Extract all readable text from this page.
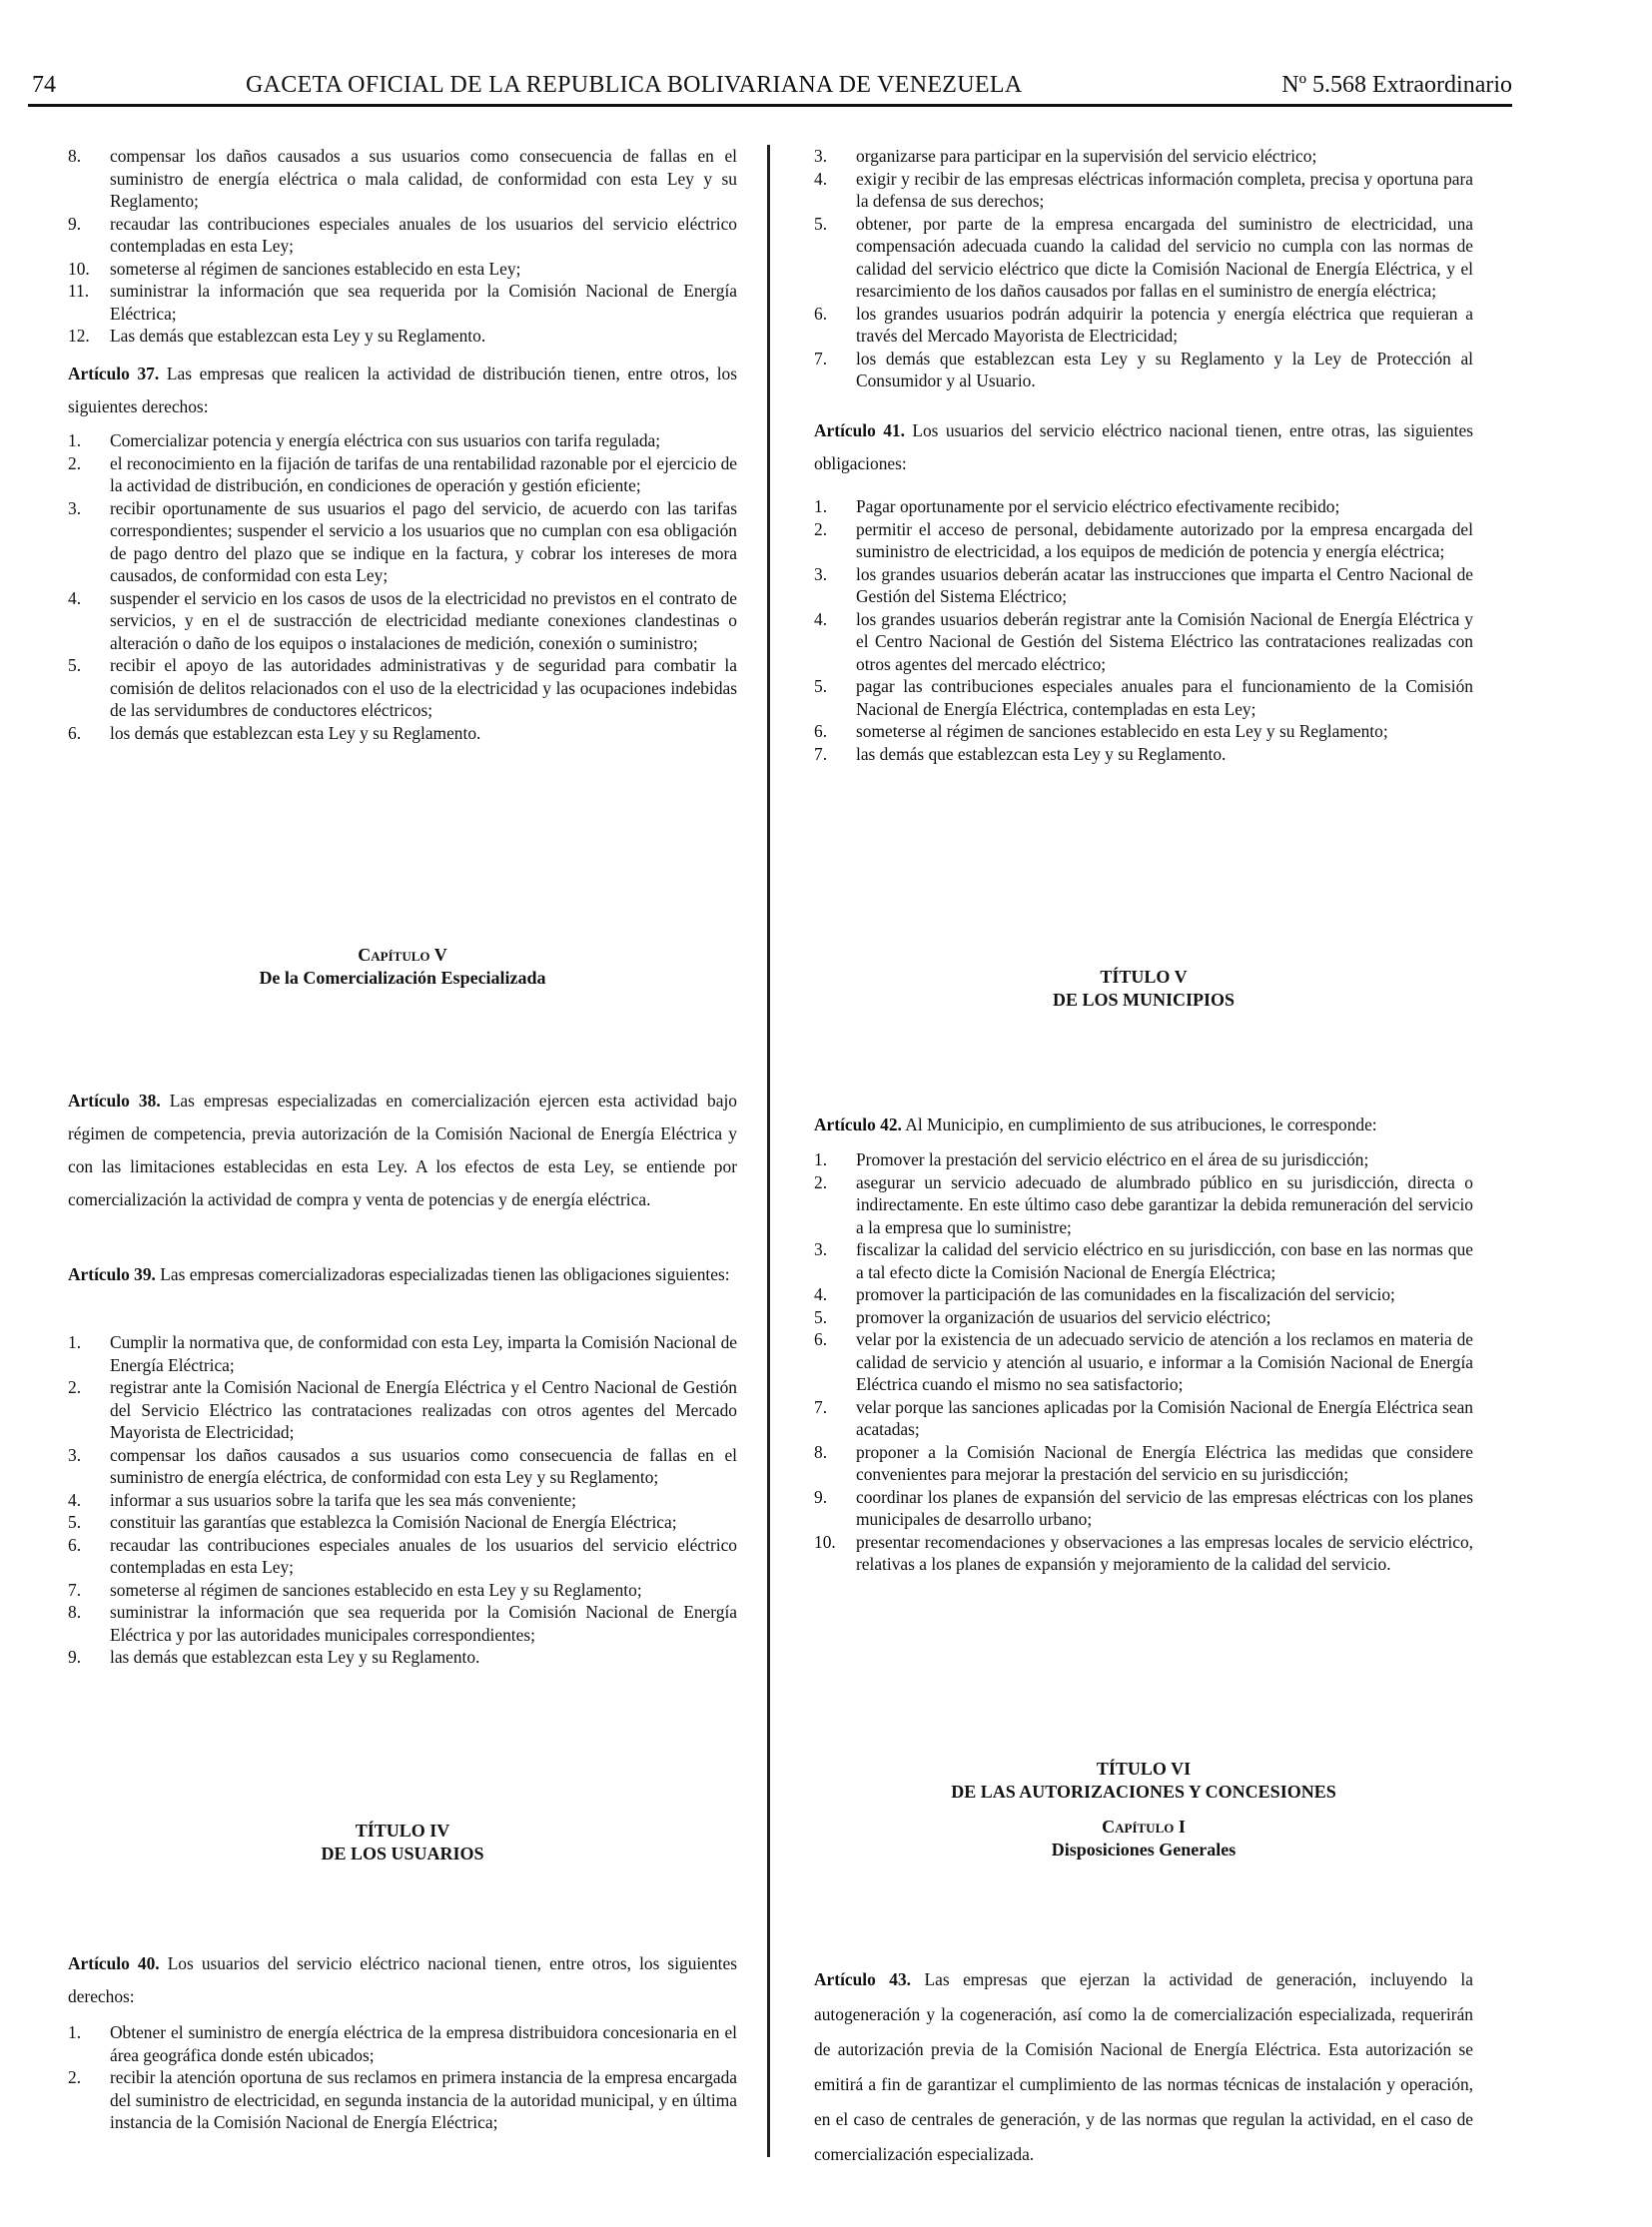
74	GACETA OFICIAL DE LA REPUBLICA BOLIVARIANA DE VENEZUELA	Nº 5.568 Extraordinario
8. compensar los daños causados a sus usuarios como consecuencia de fallas en el suministro de energía eléctrica o mala calidad, de conformidad con esta Ley y su Reglamento;
9. recaudar las contribuciones especiales anuales de los usuarios del servicio eléctrico contempladas en esta Ley;
10. someterse al régimen de sanciones establecido en esta Ley;
11. suministrar la información que sea requerida por la Comisión Nacional de Energía Eléctrica;
12. Las demás que establezcan esta Ley y su Reglamento.
Artículo 37. Las empresas que realicen la actividad de distribución tienen, entre otros, los siguientes derechos:
1. Comercializar potencia y energía eléctrica con sus usuarios con tarifa regulada;
2. el reconocimiento en la fijación de tarifas de una rentabilidad razonable por el ejercicio de la actividad de distribución, en condiciones de operación y gestión eficiente;
3. recibir oportunamente de sus usuarios el pago del servicio, de acuerdo con las tarifas correspondientes; suspender el servicio a los usuarios que no cumplan con esa obligación de pago dentro del plazo que se indique en la factura, y cobrar los intereses de mora causados, de conformidad con esta Ley;
4. suspender el servicio en los casos de usos de la electricidad no previstos en el contrato de servicios, y en el de sustracción de electricidad mediante conexiones clandestinas o alteración o daño de los equipos o instalaciones de medición, conexión o suministro;
5. recibir el apoyo de las autoridades administrativas y de seguridad para combatir la comisión de delitos relacionados con el uso de la electricidad y las ocupaciones indebidas de las servidumbres de conductores eléctricos;
6. los demás que establezcan esta Ley y su Reglamento.
Capítulo V
De la Comercialización Especializada
Artículo 38. Las empresas especializadas en comercialización ejercen esta actividad bajo régimen de competencia, previa autorización de la Comisión Nacional de Energía Eléctrica y con las limitaciones establecidas en esta Ley. A los efectos de esta Ley, se entiende por comercialización la actividad de compra y venta de potencias y de energía eléctrica.
Artículo 39. Las empresas comercializadoras especializadas tienen las obligaciones siguientes:
1. Cumplir la normativa que, de conformidad con esta Ley, imparta la Comisión Nacional de Energía Eléctrica;
2. registrar ante la Comisión Nacional de Energía Eléctrica y el Centro Nacional de Gestión del Servicio Eléctrico las contrataciones realizadas con otros agentes del Mercado Mayorista de Electricidad;
3. compensar los daños causados a sus usuarios como consecuencia de fallas en el suministro de energía eléctrica, de conformidad con esta Ley y su Reglamento;
4. informar a sus usuarios sobre la tarifa que les sea más conveniente;
5. constituir las garantías que establezca la Comisión Nacional de Energía Eléctrica;
6. recaudar las contribuciones especiales anuales de los usuarios del servicio eléctrico contempladas en esta Ley;
7. someterse al régimen de sanciones establecido en esta Ley y su Reglamento;
8. suministrar la información que sea requerida por la Comisión Nacional de Energía Eléctrica y por las autoridades municipales correspondientes;
9. las demás que establezcan esta Ley y su Reglamento.
TÍTULO IV
DE LOS USUARIOS
Artículo 40. Los usuarios del servicio eléctrico nacional tienen, entre otros, los siguientes derechos:
1. Obtener el suministro de energía eléctrica de la empresa distribuidora concesionaria en el área geográfica donde estén ubicados;
2. recibir la atención oportuna de sus reclamos en primera instancia de la empresa encargada del suministro de electricidad, en segunda instancia de la autoridad municipal, y en última instancia de la Comisión Nacional de Energía Eléctrica;
3. organizarse para participar en la supervisión del servicio eléctrico;
4. exigir y recibir de las empresas eléctricas información completa, precisa y oportuna para la defensa de sus derechos;
5. obtener, por parte de la empresa encargada del suministro de electricidad, una compensación adecuada cuando la calidad del servicio no cumpla con las normas de calidad del servicio eléctrico que dicte la Comisión Nacional de Energía Eléctrica, y el resarcimiento de los daños causados por fallas en el suministro de energía eléctrica;
6. los grandes usuarios podrán adquirir la potencia y energía eléctrica que requieran a través del Mercado Mayorista de Electricidad;
7. los demás que establezcan esta Ley y su Reglamento y la Ley de Protección al Consumidor y al Usuario.
Artículo 41. Los usuarios del servicio eléctrico nacional tienen, entre otras, las siguientes obligaciones:
1. Pagar oportunamente por el servicio eléctrico efectivamente recibido;
2. permitir el acceso de personal, debidamente autorizado por la empresa encargada del suministro de electricidad, a los equipos de medición de potencia y energía eléctrica;
3. los grandes usuarios deberán acatar las instrucciones que imparta el Centro Nacional de Gestión del Sistema Eléctrico;
4. los grandes usuarios deberán registrar ante la Comisión Nacional de Energía Eléctrica y el Centro Nacional de Gestión del Sistema Eléctrico las contrataciones realizadas con otros agentes del mercado eléctrico;
5. pagar las contribuciones especiales anuales para el funcionamiento de la Comisión Nacional de Energía Eléctrica, contempladas en esta Ley;
6. someterse al régimen de sanciones establecido en esta Ley y su Reglamento;
7. las demás que establezcan esta Ley y su Reglamento.
TÍTULO V
DE LOS MUNICIPIOS
Artículo 42. Al Municipio, en cumplimiento de sus atribuciones, le corresponde:
1. Promover la prestación del servicio eléctrico en el área de su jurisdicción;
2. asegurar un servicio adecuado de alumbrado público en su jurisdicción, directa o indirectamente. En este último caso debe garantizar la debida remuneración del servicio a la empresa que lo suministre;
3. fiscalizar la calidad del servicio eléctrico en su jurisdicción, con base en las normas que a tal efecto dicte la Comisión Nacional de Energía Eléctrica;
4. promover la participación de las comunidades en la fiscalización del servicio;
5. promover la organización de usuarios del servicio eléctrico;
6. velar por la existencia de un adecuado servicio de atención a los reclamos en materia de calidad de servicio y atención al usuario, e informar a la Comisión Nacional de Energía Eléctrica cuando el mismo no sea satisfactorio;
7. velar porque las sanciones aplicadas por la Comisión Nacional de Energía Eléctrica sean acatadas;
8. proponer a la Comisión Nacional de Energía Eléctrica las medidas que considere convenientes para mejorar la prestación del servicio en su jurisdicción;
9. coordinar los planes de expansión del servicio de las empresas eléctricas con los planes municipales de desarrollo urbano;
10. presentar recomendaciones y observaciones a las empresas locales de servicio eléctrico, relativas a los planes de expansión y mejoramiento de la calidad del servicio.
TÍTULO VI
DE LAS AUTORIZACIONES Y CONCESIONES
Capítulo I
Disposiciones Generales
Artículo 43. Las empresas que ejerzan la actividad de generación, incluyendo la autogeneración y la cogeneración, así como la de comercialización especializada, requerirán de autorización previa de la Comisión Nacional de Energía Eléctrica. Esta autorización se emitirá a fin de garantizar el cumplimiento de las normas técnicas de instalación y operación, en el caso de centrales de generación, y de las normas que regulan la actividad, en el caso de comercialización especializada.
